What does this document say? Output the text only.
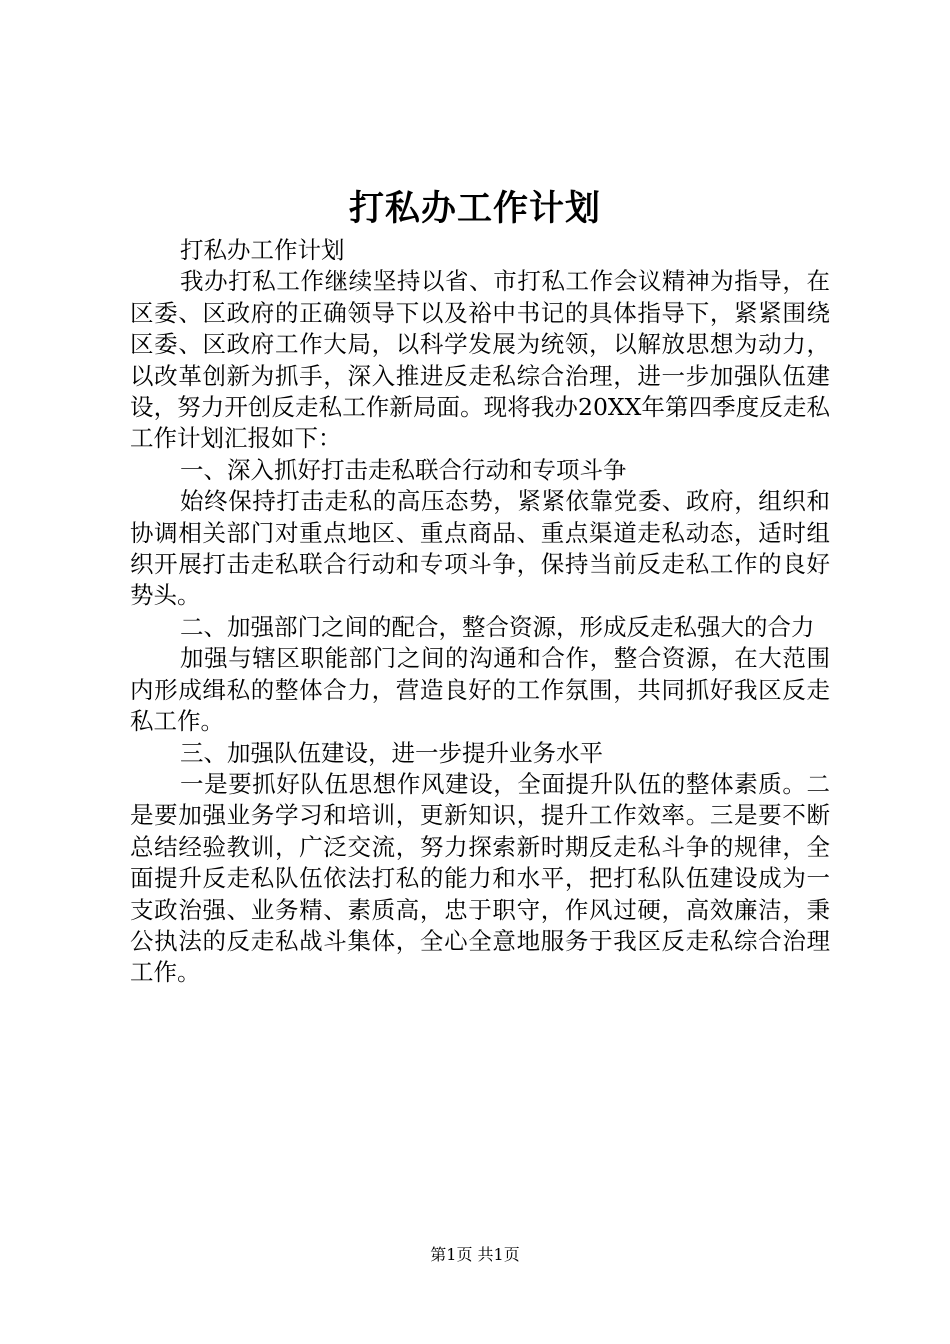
打私办工作计划

打私办工作计划

我办打私工作继续坚持以省、市打私工作会议精神为指导，在区委、区政府的正确领导下以及裕中书记的具体指导下，紧紧围绕区委、区政府工作大局，以科学发展为统领，以解放思想为动力，以改革创新为抓手，深入推进反走私综合治理，进一步加强队伍建设，努力开创反走私工作新局面。现将我办20XX年第四季度反走私工作计划汇报如下：

一、深入抓好打击走私联合行动和专项斗争

始终保持打击走私的高压态势，紧紧依靠党委、政府，组织和协调相关部门对重点地区、重点商品、重点渠道走私动态，适时组织开展打击走私联合行动和专项斗争，保持当前反走私工作的良好势头。

二、加强部门之间的配合，整合资源，形成反走私强大的合力

加强与辖区职能部门之间的沟通和合作，整合资源，在大范围内形成缉私的整体合力，营造良好的工作氛围，共同抓好我区反走私工作。

三、加强队伍建设，进一步提升业务水平

一是要抓好队伍思想作风建设，全面提升队伍的整体素质。二是要加强业务学习和培训，更新知识，提升工作效率。三是要不断总结经验教训，广泛交流，努力探索新时期反走私斗争的规律，全面提升反走私队伍依法打私的能力和水平，把打私队伍建设成为一支政治强、业务精、素质高，忠于职守，作风过硬，高效廉洁，秉公执法的反走私战斗集体，全心全意地服务于我区反走私综合治理工作。

第1页 共1页
